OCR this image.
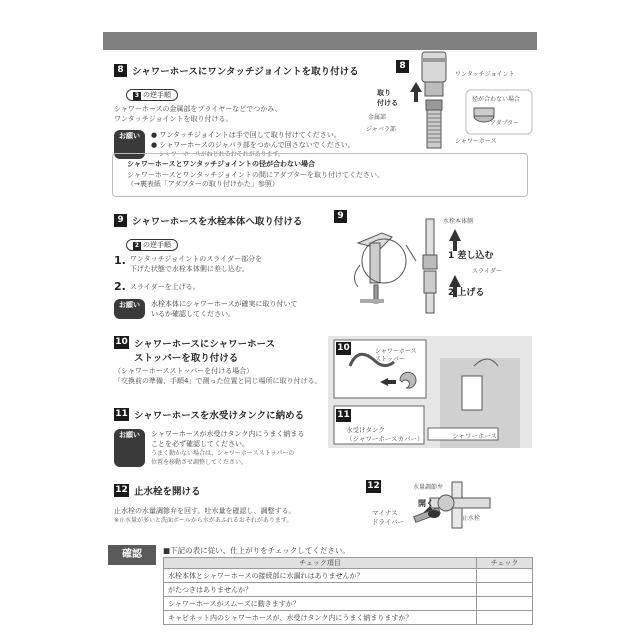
8 シャワーホースにワンタッチジョイントを取り付ける
3 の逆手順
シャワーホースの金属部をプライヤーなどでつかみ、
ワンタッチジョイントを取り付ける。
お願い	● ワンタッチジョイントは手で回して取り付けてください。
● シャワーホースのジャバラ部をつかんで回さないでください。
シャワーホースがねじれるおそれがあります。
8
ワンタッチジョイント
取り
付ける	径が合わない場合
アダプター
金属部
ジャバラ部
シャワーホース
シャワーホースとワンタッチジョイントの径が合わない場合
シャワーホースとワンタッチジョイントの間にアダプターを取り付けてください。
（→裏表紙「アダプターの取り付けかた」参照）
9 シャワーホースを水栓本体へ取り付ける
2 の逆手順
1. ワンタッチジョイントのスライダー部分を
下げた状態で水栓本体側に差し込む。
2. スライダーを上げる。
お願い	水栓本体にシャワーホースが確実に取り付いて
いるか確認してください。
9
水栓本体側
1 差し込む
スライダー
2 上げる
10 シャワーホースにシャワーホース
ストッパーを取り付ける
（シャワーホースストッパーを付ける場合）
「交換前の準備、手順4」で測った位置と同じ場所に取り付ける。
11 シャワーホースを水受けタンクに納める
お願い	シャワーホースが水受けタンク内にうまく納まる
ことを必ず確認してください。
うまく動かない場合は、シャワーホースストッパーの
位置を移動させ調整してください。
10	シャワーホース
ストッパー
11
水受けタンク
（シャワーホースカバー）	シャワーホース
12 止水栓を開ける
止水栓の水量調節弁を回す。吐水量を確認し、調整する。
※止水量が多いと洗面ボールから水があふれるおそれがあります。
12	水量調節弁
開く
マイナス
ドライバー	止水栓
確認	■下記の表に従い、仕上がりをチェックしてください。
チェック項目	チェック
水栓本体とシャワーホースの接続部に水漏れはありませんか？	
がたつきはありませんか？	
シャワーホースがスムーズに動きますか？	
キャビネット内のシャワーホースが、水受けタンク内にうまく納まりますか？	
